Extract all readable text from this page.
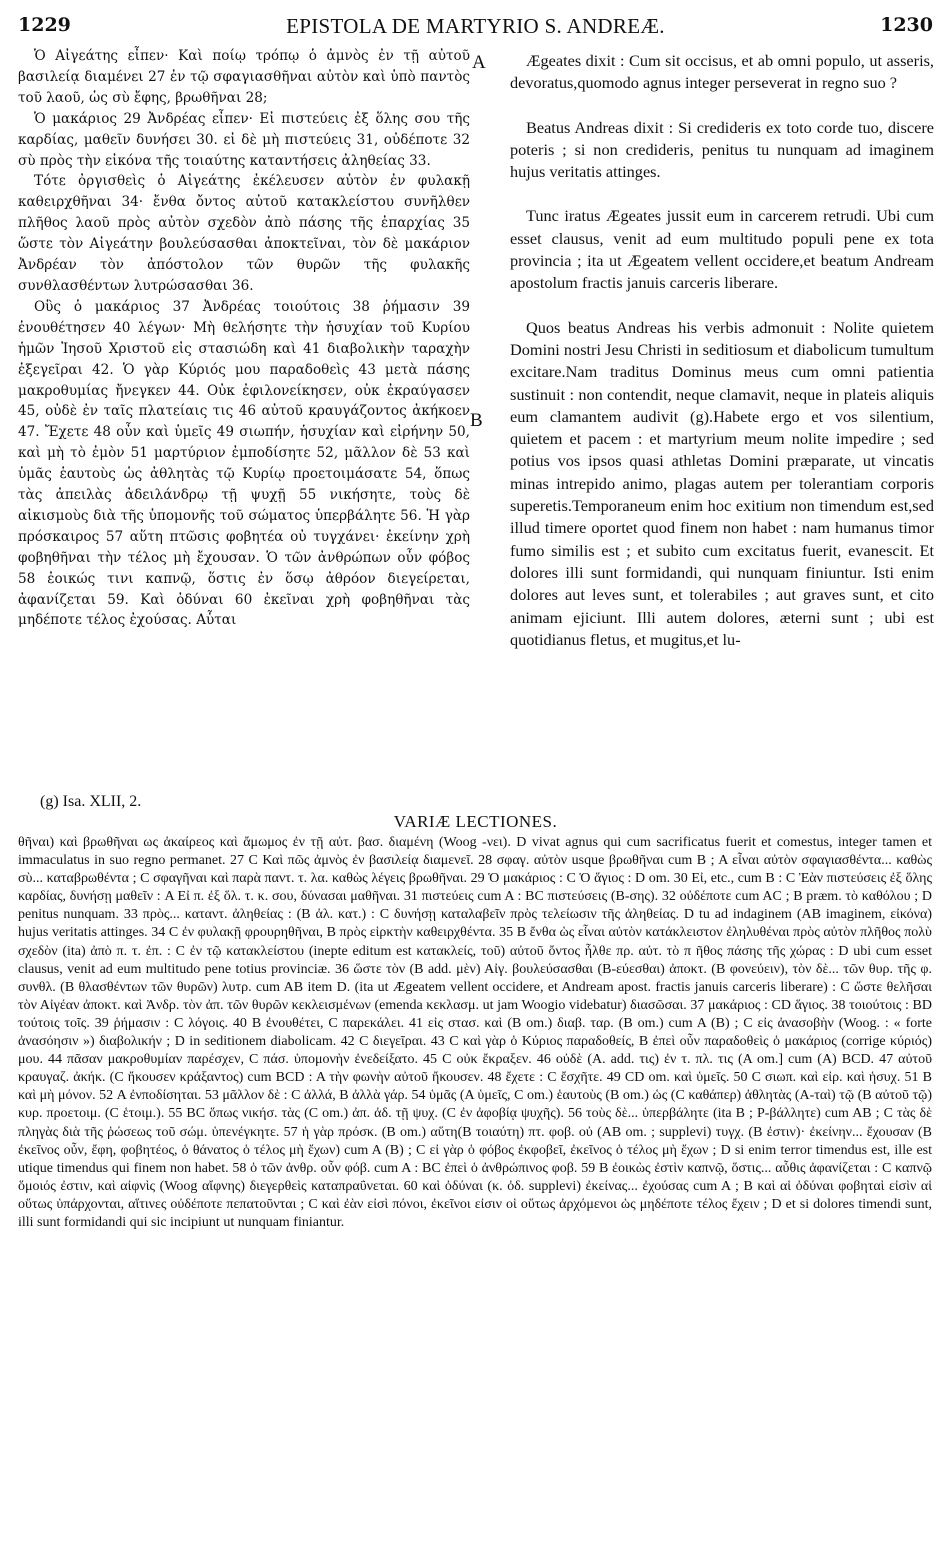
1229	EPISTOLA DE MARTYRIO S. ANDREÆ.	1230

Ὁ Αἰγεάτης εἶπεν· Καὶ ποίῳ τρόπῳ ὁ ἀμνὸς ἐν τῇ αὐτοῦ βασιλείᾳ διαμένει 27 ἐν τῷ σφαγιασθῆναι αὐτὸν καὶ ὑπὸ παντὸς τοῦ λαοῦ, ὡς σὺ ἔφης, βρωθῆναι 28;

Ὁ μακάριος 29 Ἀνδρέας εἶπεν· Εἰ πιστεύεις ἐξ ὅλης σου τῆς καρδίας, μαθεῖν δυνήσει 30. εἰ δὲ μὴ πιστεύεις 31, οὐδέποτε 32 σὺ πρὸς τὴν εἰκόνα τῆς τοιαύτης καταντήσεις ἀληθείας 33.

Τότε ὀργισθεὶς ὁ Αἰγεάτης ἐκέλευσεν αὐτὸν ἐν φυλακῇ καθειρχθῆναι 34· ἔνθα ὄντος αὐτοῦ κατακλείστου συνῆλθεν πλῆθος λαοῦ πρὸς αὐτὸν σχεδὸν ἀπὸ πάσης τῆς ἐπαρχίας 35 ὥστε τὸν Αἰγεάτην βουλεύσασθαι ἀποκτεῖναι, τὸν δὲ μακάριον Ἀνδρέαν τὸν ἀπόστολον τῶν θυρῶν τῆς φυλακῆς συνθλασθέντων λυτρώσασθαι 36.

Οὓς ὁ μακάριος 37 Ἀνδρέας τοιούτοις 38 ῥήμασιν 39 ἐνουθέτησεν 40 λέγων· Μὴ θελήσητε τὴν ἡσυχίαν τοῦ Κυρίου ἡμῶν Ἰησοῦ Χριστοῦ εἰς στασιώδη καὶ 41 διαβολικὴν ταραχὴν ἐξεγεῖραι 42. Ὁ γὰρ Κύριός μου παραδοθεὶς 43 μετὰ πάσης μακροθυμίας ἤνεγκεν 44. Οὐκ ἐφιλονείκησεν, οὐκ ἐκραύγασεν 45, οὐδὲ ἐν ταῖς πλατείαις τις 46 αὐτοῦ κραυγάζοντος ἀκήκοεν 47. Ἔχετε 48 οὖν καὶ ὑμεῖς 49 σιωπήν, ἡσυχίαν καὶ εἰρήνην 50, καὶ μὴ τὸ ἐμὸν 51 μαρτύριον ἐμποδίσητε 52, μᾶλλον δὲ 53 καὶ ὑμᾶς ἑαυτοὺς ὡς ἀθλητὰς τῷ Κυρίῳ προετοιμάσατε 54, ὅπως τὰς ἀπειλὰς ἀδειλάνδρῳ τῇ ψυχῇ 55 νικήσητε, τοὺς δὲ αἰκισμοὺς διὰ τῆς ὑπομονῆς τοῦ σώματος ὑπερβάλητε 56. Ἡ γὰρ πρόσκαιρος 57 αὕτη πτῶσις φοβητέα οὐ τυγχάνει· ἐκείνην χρὴ φοβηθῆναι τὴν τέλος μὴ ἔχουσαν. Ὁ τῶν ἀνθρώπων οὖν φόβος 58 ἐοικώς τινι καπνῷ, ὅστις ἐν ὅσῳ ἀθρόον διεγείρεται, ἀφανίζεται 59. Καὶ ὀδύναι 60 ἐκεῖναι χρὴ φοβηθῆναι τὰς μηδέποτε τέλος ἐχούσας. Αὗται

A
B

Ægeates dixit : Cum sit occisus, et ab omni populo, ut asseris, devoratus,quomodo agnus integer perseverat in regno suo ?

Beatus Andreas dixit : Si credideris ex toto corde tuo, discere poteris ; si non credideris, penitus tu nunquam ad imaginem hujus veritatis attinges.

Tunc iratus Ægeates jussit eum in carcerem retrudi. Ubi cum esset clausus, venit ad eum multitudo populi pene ex tota provincia ; ita ut Ægeatem vellent occidere,et beatum Andream apostolum fractis januis carceris liberare.

Quos beatus Andreas his verbis admonuit : Nolite quietem Domini nostri Jesu Christi in seditiosum et diabolicum tumultum excitare.Nam traditus Dominus meus cum omni patientia sustinuit : non contendit, neque clamavit, neque in plateis aliquis eum clamantem audivit (g).Habete ergo et vos silentium, quietem et pacem : et martyrium meum nolite impedire ; sed potius vos ipsos quasi athletas Domini præparate, ut vincatis minas intrepido animo, plagas autem per tolerantiam corporis superetis.Temporaneum enim hoc exitium non timendum est,sed illud timere oportet quod finem non habet : nam humanus timor fumo similis est ; et subito cum excitatus fuerit, evanescit. Et dolores illi sunt formidandi, qui nunquam finiuntur. Isti enim dolores aut leves sunt, et tolerabiles ; aut graves sunt, et cito animam ejiciunt. Illi autem dolores, æterni sunt ; ubi est quotidianus fletus, et mugitus,et lu-

(g) Isa. XLII, 2.
VARIÆ LECTIONES.
θῆναι) καὶ βρωθῆναι ως ἀκαίρεος καὶ ἄμωμος ἐν τῇ αὐτ. βασ. διαμένη (Woog -νει). D vivat agnus qui cum sacrificatus fuerit et comestus, integer tamen et immaculatus in suo regno permanet. 27 C Καὶ πῶς ἀμνὸς ἐν βασιλείᾳ διαμενεῖ. 28 σφαγ. αὐτὸν usque βρωθῆναι cum B ; A εἶναι αὐτὸν σφαγιασθέντα... καθὼς σὺ... καταβρωθέντα ; C σφαγῆναι καὶ παρὰ παντ. τ. λα. καθὼς λέγεις βρωθῆναι. 29 Ὁ μακάριος : C Ὁ ἅγιος : D om. 30 Εἰ, etc., cum B : C Ἐὰν πιστεύσεις ἐξ ὅλης καρδίας, δυνήσῃ μαθεῖν : A Εἰ π. ἐξ ὅλ. τ. κ. σου, δύνασαι μαθῆναι. 31 πιστεύεις cum A : BC πιστεύσεις (B-σης). 32 οὐδέποτε cum AC ; B præm. τὸ καθόλου ; D penitus nunquam. 33 πρὸς... καταντ. ἀληθείας : (B ἀλ. κατ.) : C δυνήσῃ καταλαβεῖν πρὸς τελείωσιν τῆς ἀληθείας. D tu ad indaginem (AB imaginem, εἰκόνα) hujus veritatis attinges. 34 C ἐν φυλακῇ φρουρηθῆναι, B πρὸς εἱρκτὴν καθειρχθέντα. 35 B ἔνθα ὡς εἶναι αὐτὸν κατάκλειστον ἐληλυθέναι πρὸς αὐτὸν πλῆθος πολὺ σχεδὸν (ita) ἀπὸ π. τ. ἐπ. : C ἐν τῷ κατακλείστου (inepte editum est κατακλείς, τοῦ) αὐτοῦ ὄντος ἦλθε πρ. αὐτ. τὸ π ῆθος πάσης τῆς χώρας : D ubi cum esset clausus, venit ad eum multitudo pene totius provinciæ. 36 ὥστε τὸν (B add. μὲν) Αἰγ. βουλεύσασθαι (B-εύεσθαι) ἀποκτ. (B φονεύειν), τὸν δὲ... τῶν θυρ. τῆς φ. συνθλ. (B θλασθέντων τῶν θυρῶν) λυτρ. cum AB item D. (ita ut Ægeatem vellent occidere, et Andream apost. fractis januis carceris liberare) : C ὥστε θελῆσαι τὸν Αἰγέαν ἀποκτ. καὶ Ἀνδρ. τὸν ἀπ. τῶν θυρῶν κεκλεισμένων (emenda κεκλασμ. ut jam Woogio videbatur) διασῶσαι. 37 μακάριος : CD ἅγιος. 38 τοιούτοις : BD τούτοις τοῖς. 39 ῥήμασιν : C λόγοις. 40 B ἐνουθέτει, C παρεκάλει. 41 εἰς στασ. καὶ (B om.) διαβ. ταρ. (B om.) cum A (B) ; C εἰς ἀνασοβὴν (Woog. : « forte ἀνασόησιν ») διαβολικήν ; D in seditionem diabolicam. 42 C διεγεῖραι. 43 C καὶ γὰρ ὁ Κύριος παραδοθείς, B ἐπεὶ οὖν παραδοθεὶς ὁ μακάριος (corrige κύριός) μου. 44 πᾶσαν μακροθυμίαν παρέσχεν, C πάσ. ὑπομονὴν ἐνεδείξατο. 45 C οὐκ ἔκραξεν. 46 οὐδὲ (A. add. τις) ἐν τ. πλ. τις (A om.] cum (A) BCD. 47 αὐτοῦ κραυγαζ. ἀκήκ. (C ἤκουσεν κράξαντος) cum BCD : A τὴν φωνὴν αὐτοῦ ἤκουσεν. 48 ἔχετε : C ἔσχῆτε. 49 CD om. καὶ ὑμεῖς. 50 C σιωπ. καὶ εἰρ. καὶ ἡσυχ. 51 B καὶ μὴ μόνον. 52 A ἐνποδίσηται. 53 μᾶλλον δὲ : C ἀλλά, B ἀλλὰ γάρ. 54 ὑμᾶς (A ὑμεῖς, C om.) ἑαυτοὺς (B om.) ὡς (C καθάπερ) ἀθλητὰς (A-ταὶ) τῷ (B αὐτοῦ τῷ) κυρ. προετοιμ. (C ἑτοιμ.). 55 BC ὅπως νικήσ. τὰς (C om.) ἀπ. ἀδ. τῇ ψυχ. (C ἐν ἀφοβίᾳ ψυχῆς). 56 τοὺς δὲ... ὑπερβάλητε (ita B ; P-βάλλητε) cum AB ; C τὰς δὲ πληγὰς διὰ τῆς ῥώσεως τοῦ σώμ. ὑπενέγκητε. 57 ἡ γὰρ πρόσκ. (B om.) αὕτη(B τοιαύτη) πτ. φοβ. οὐ (AB om. ; supplevi) τυγχ. (B ἐστιν)· ἐκείνην... ἔχουσαν (B ἐκεῖνος οὖν, ἔφη, φοβητέος, ὁ θάνατος ὁ τέλος μὴ ἔχων) cum A (B) ; C εἰ γὰρ ὁ φόβος ἐκφοβεῖ, ἐκεῖνος ὁ τέλος μὴ ἔχων ; D si enim terror timendus est, ille est utique timendus qui finem non habet. 58 ὁ τῶν ἀνθρ. οὖν φόβ. cum A : BC ἐπεὶ ὁ ἀνθρώπινος φοβ. 59 B ἐοικὼς ἐστὶν καπνῷ, ὅστις... αὖθις ἀφανίζεται : C καπνῷ ὅμοιός ἐστιν, καὶ αἰφνὶς (Woog αἴφνης) διεγερθεὶς καταπραΰνεται. 60 καὶ ὀδύναι (κ. ὀδ. supplevi) ἐκείνας... ἐχούσας cum A ; B καὶ αἱ ὀδύναι φοβηταὶ εἰσὶν αἱ οὕτως ὑπάρχονται, αἵτινες οὐδέποτε πεπατοῦνται ; C καὶ ἐὰν εἰσὶ πόνοι, ἐκεῖνοι εἰσιν οἱ οὕτως ἀρχόμενοι ὡς μηδέποτε τέλος ἔχειν ; D et si dolores timendi sunt, illi sunt formidandi qui sic incipiunt ut nunquam finiantur.
